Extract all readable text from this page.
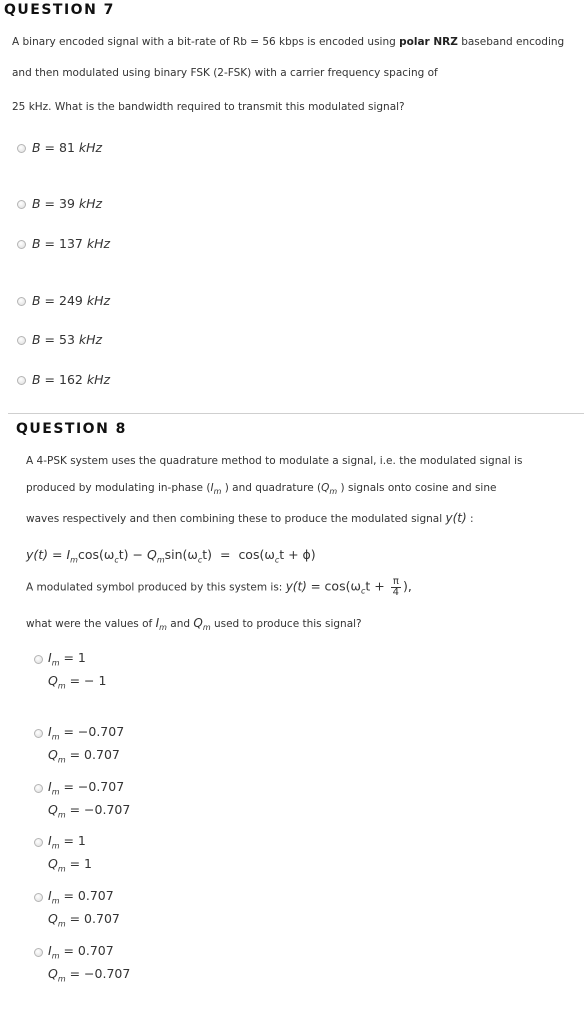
QUESTION 7
A binary encoded signal with a bit-rate of Rb = 56 kbps is encoded using polar NRZ baseband encoding
and then modulated using binary FSK (2-FSK) with a carrier frequency spacing of
25 kHz. What is the bandwidth required to transmit this modulated signal?
B = 81 kHz
B = 39 kHz
B = 137 kHz
B = 249 kHz
B = 53 kHz
B = 162 kHz
QUESTION 8
A 4-PSK system uses the quadrature method to modulate a signal, i.e. the modulated signal is
produced by modulating in-phase ($I_m$ ) and quadrature ($Q_m$ ) signals onto cosine and sine
waves respectively and then combining these to produce the modulated signal y(t) :
$y(t) = I_m\cos(\omega_ct) - Q_m\sin(\omega_ct) = \cos(\omega_ct + \phi)$
A modulated symbol produced by this system is: $y(t) = \cos(\omega_ct + \frac{\pi}{4}$ ),
what were the values of $I_m$ and $Q_m$ used to produce this signal?
$I_m = 1$
$Q_m$ = − 1
$I_m = -0.707$
$Q_m = 0.707$
$I_m = -0.707$
$Q_m = -0.707$
$I_m = 1$
$Q_m = 1$
$I_m = 0.707$
$Q_m = 0.707$
$I_m = 0.707$
$Q_m = -0.707$
